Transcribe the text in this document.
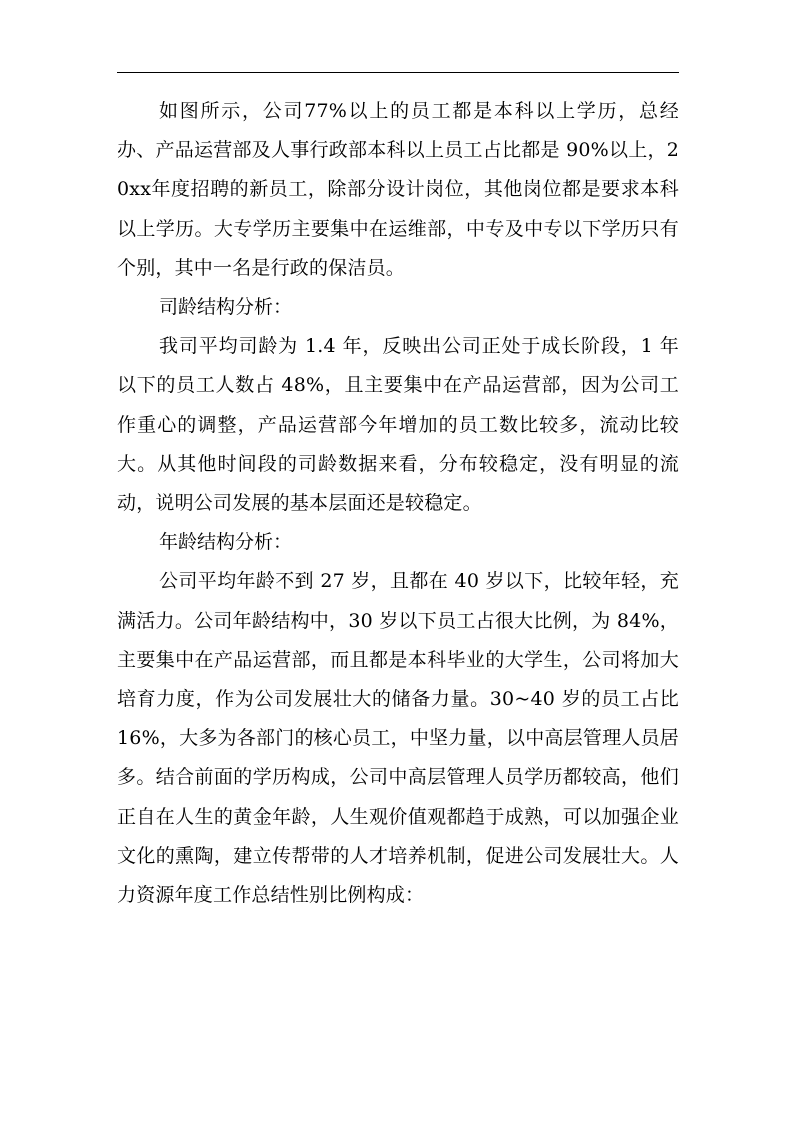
如图所示，公司77%以上的员工都是本科以上学历，总经办、产品运营部及人事行政部本科以上员工占比都是 90%以上，20xx年度招聘的新员工，除部分设计岗位，其他岗位都是要求本科以上学历。大专学历主要集中在运维部，中专及中专以下学历只有个别，其中一名是行政的保洁员。

司龄结构分析：

我司平均司龄为 1.4 年，反映出公司正处于成长阶段，1 年以下的员工人数占 48%，且主要集中在产品运营部，因为公司工作重心的调整，产品运营部今年增加的员工数比较多，流动比较大。从其他时间段的司龄数据来看，分布较稳定，没有明显的流动，说明公司发展的基本层面还是较稳定。

年龄结构分析：

公司平均年龄不到 27 岁，且都在 40 岁以下，比较年轻，充满活力。公司年龄结构中，30 岁以下员工占很大比例，为 84%，主要集中在产品运营部，而且都是本科毕业的大学生，公司将加大培育力度，作为公司发展壮大的储备力量。30~40 岁的员工占比 16%，大多为各部门的核心员工，中坚力量，以中高层管理人员居多。结合前面的学历构成，公司中高层管理人员学历都较高，他们正自在人生的黄金年龄，人生观价值观都趋于成熟，可以加强企业文化的熏陶，建立传帮带的人才培养机制，促进公司发展壮大。人力资源年度工作总结性别比例构成：
